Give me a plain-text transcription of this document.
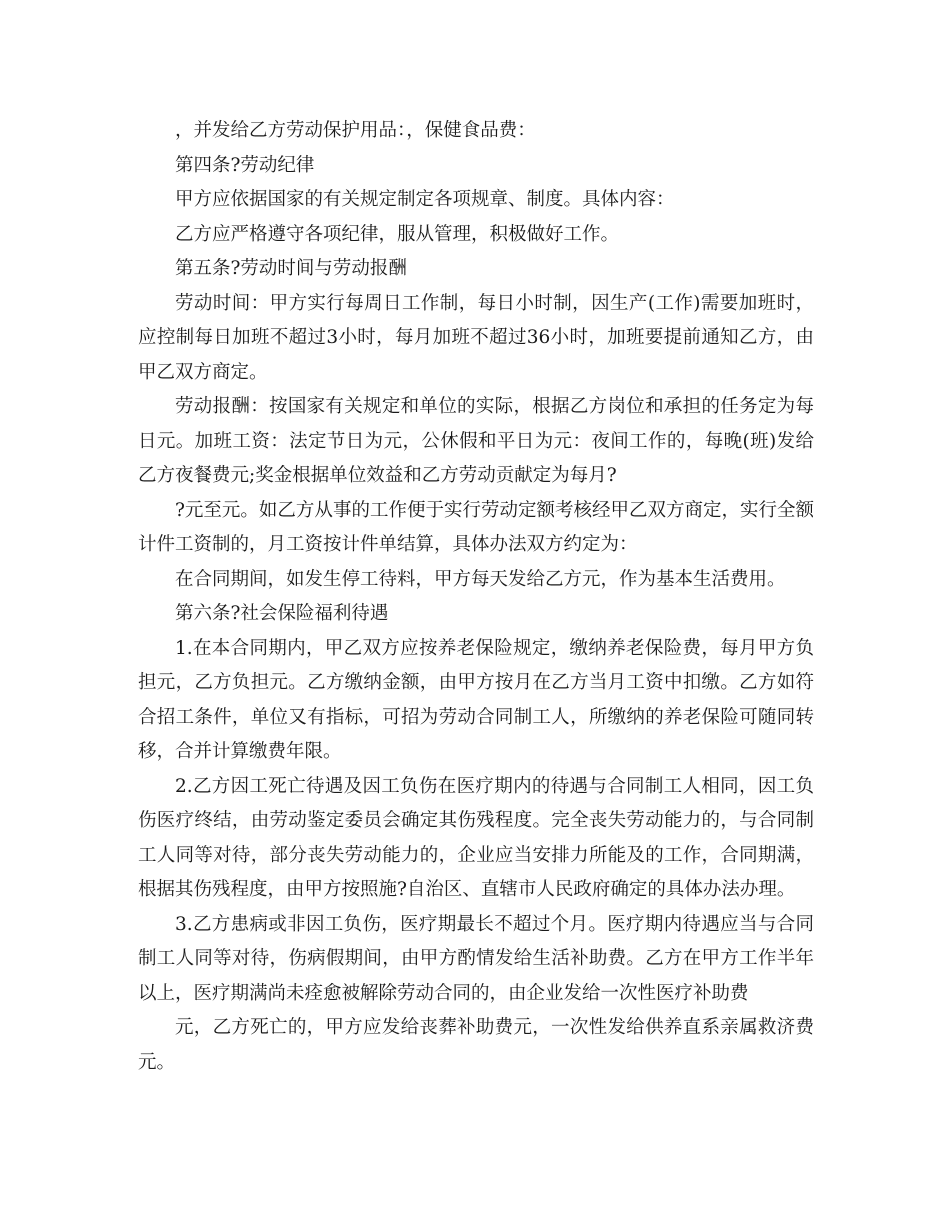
，并发给乙方劳动保护用品：，保健食品费：

第四条?劳动纪律

甲方应依据国家的有关规定制定各项规章、制度。具体内容：

乙方应严格遵守各项纪律，服从管理，积极做好工作。

第五条?劳动时间与劳动报酬

劳动时间：甲方实行每周日工作制，每日小时制，因生产(工作)需要加班时，应控制每日加班不超过3小时，每月加班不超过36小时，加班要提前通知乙方，由甲乙双方商定。

劳动报酬：按国家有关规定和单位的实际，根据乙方岗位和承担的任务定为每日元。加班工资：法定节日为元，公休假和平日为元：夜间工作的，每晚(班)发给乙方夜餐费元;奖金根据单位效益和乙方劳动贡献定为每月?

?元至元。如乙方从事的工作便于实行劳动定额考核经甲乙双方商定，实行全额计件工资制的，月工资按计件单结算，具体办法双方约定为：

在合同期间，如发生停工待料，甲方每天发给乙方元，作为基本生活费用。

第六条?社会保险福利待遇

1.在本合同期内，甲乙双方应按养老保险规定，缴纳养老保险费，每月甲方负担元，乙方负担元。乙方缴纳金额，由甲方按月在乙方当月工资中扣缴。乙方如符合招工条件，单位又有指标，可招为劳动合同制工人，所缴纳的养老保险可随同转移，合并计算缴费年限。

2.乙方因工死亡待遇及因工负伤在医疗期内的待遇与合同制工人相同，因工负伤医疗终结，由劳动鉴定委员会确定其伤残程度。完全丧失劳动能力的，与合同制工人同等对待，部分丧失劳动能力的，企业应当安排力所能及的工作，合同期满，根据其伤残程度，由甲方按照施?自治区、直辖市人民政府确定的具体办法办理。

3.乙方患病或非因工负伤，医疗期最长不超过个月。医疗期内待遇应当与合同制工人同等对待，伤病假期间，由甲方酌情发给生活补助费。乙方在甲方工作半年以上，医疗期满尚未痊愈被解除劳动合同的，由企业发给一次性医疗补助费

元，乙方死亡的，甲方应发给丧葬补助费元，一次性发给供养直系亲属救济费元。
